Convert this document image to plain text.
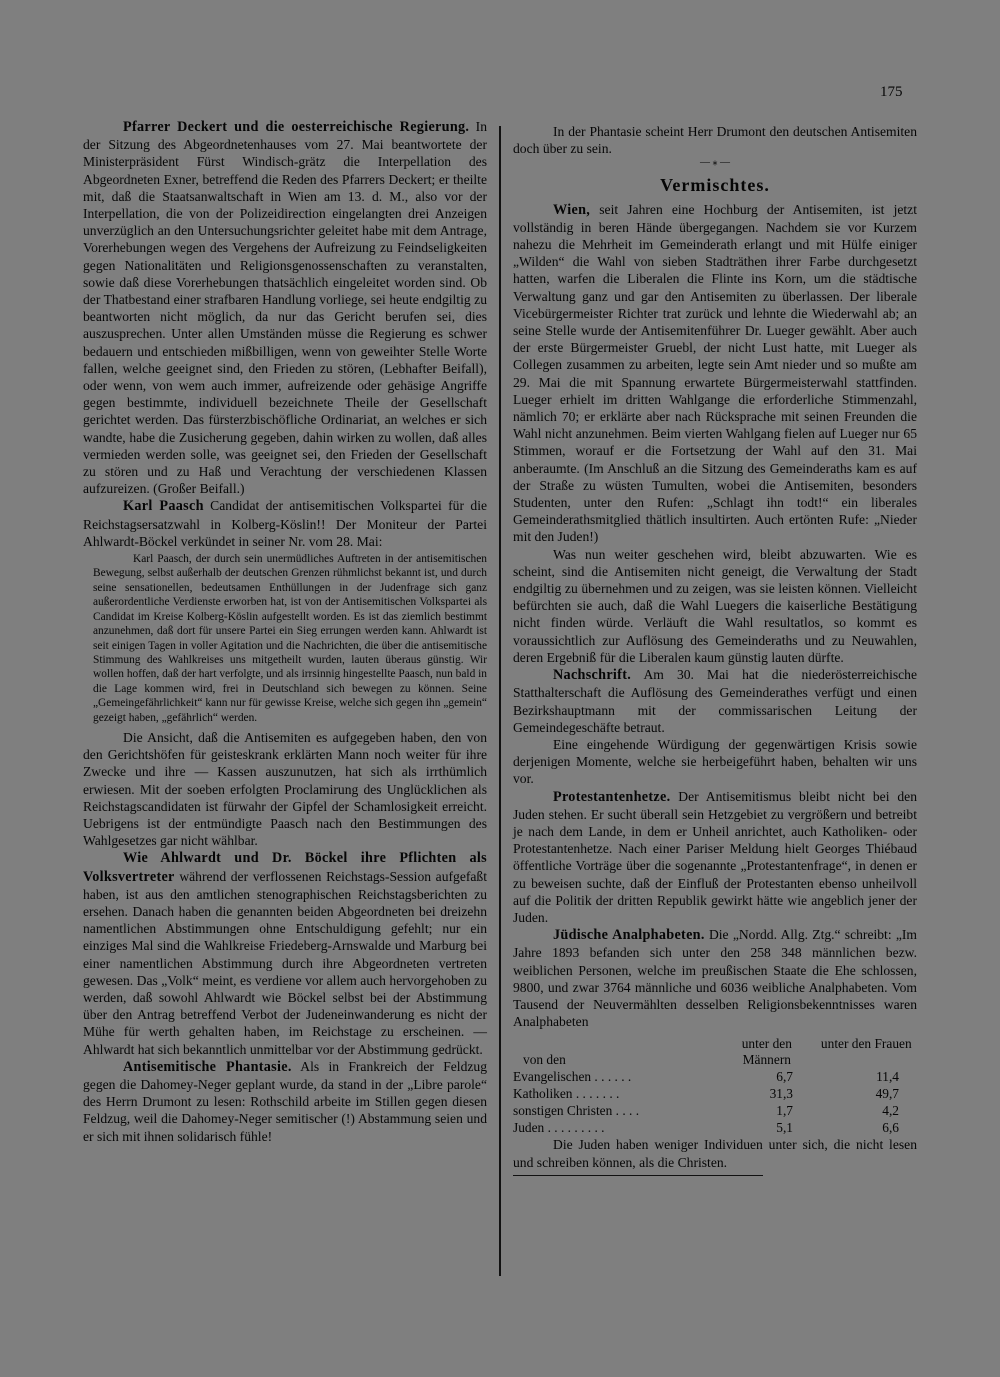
175

Pfarrer Deckert und die oesterreichische Regierung. In der Sitzung des Abgeordnetenhauses vom 27. Mai beantwortete der Ministerpräsident Fürst Windisch-grätz die Interpellation des Abgeordneten Exner, betreffend die Reden des Pfarrers Deckert; er theilte mit, daß die Staatsanwaltschaft in Wien am 13. d. M., also vor der Interpellation, die von der Polizeidirection eingelangten drei Anzeigen unverzüglich an den Untersuchungsrichter geleitet habe mit dem Antrage, Vorerhebungen wegen des Vergehens der Aufreizung zu Feindseligkeiten gegen Nationalitäten und Religionsgenossenschaften zu veranstalten, sowie daß diese Vorerhebungen thatsächlich eingeleitet worden sind. Ob der Thatbestand einer strafbaren Handlung vorliege, sei heute endgiltig zu beantworten nicht möglich, da nur das Gericht berufen sei, dies auszusprechen. Unter allen Umständen müsse die Regierung es schwer bedauern und entschieden mißbilligen, wenn von geweihter Stelle Worte fallen, welche geeignet sind, den Frieden zu stören, (Lebhafter Beifall), oder wenn, von wem auch immer, aufreizende oder gehäsige Angriffe gegen bestimmte, individuell bezeichnete Theile der Gesellschaft gerichtet werden. Das fürsterzbischöfliche Ordinariat, an welches er sich wandte, habe die Zusicherung gegeben, dahin wirken zu wollen, daß alles vermieden werden solle, was geeignet sei, den Frieden der Gesellschaft zu stören und zu Haß und Verachtung der verschiedenen Klassen aufzureizen. (Großer Beifall.)

Karl Paasch Candidat der antisemitischen Volkspartei für die Reichstagsersatzwahl in Kolberg-Köslin!! Der Moniteur der Partei Ahlwardt-Böckel verkündet in seiner Nr. vom 28. Mai:

Karl Paasch, der durch sein unermüdliches Auftreten in der antisemitischen Bewegung, selbst außerhalb der deutschen Grenzen rühmlichst bekannt ist, und durch seine sensationellen, bedeutsamen Enthüllungen in der Judenfrage sich ganz außerordentliche Verdienste erworben hat, ist von der Antisemitischen Volkspartei als Candidat im Kreise Kolberg-Köslin aufgestellt worden. Es ist das ziemlich bestimmt anzunehmen, daß dort für unsere Partei ein Sieg errungen werden kann. Ahlwardt ist seit einigen Tagen in voller Agitation und die Nachrichten, die über die antisemitische Stimmung des Wahlkreises uns mitgetheilt wurden, lauten überaus günstig. Wir wollen hoffen, daß der hart verfolgte, und als irrsinnig hingestellte Paasch, nun bald in die Lage kommen wird, frei in Deutschland sich bewegen zu können. Seine „Gemeingefährlichkeit“ kann nur für gewisse Kreise, welche sich gegen ihn „gemein“ gezeigt haben, „gefährlich“ werden.

Die Ansicht, daß die Antisemiten es aufgegeben haben, den von den Gerichtshöfen für geisteskrank erklärten Mann noch weiter für ihre Zwecke und ihre — Kassen auszunutzen, hat sich als irrthümlich erwiesen. Mit der soeben erfolgten Proclamirung des Unglücklichen als Reichstagscandidaten ist fürwahr der Gipfel der Schamlosigkeit erreicht. Uebrigens ist der entmündigte Paasch nach den Bestimmungen des Wahlgesetzes gar nicht wählbar.

Wie Ahlwardt und Dr. Böckel ihre Pflichten als Volksvertreter während der verflossenen Reichstags-Session aufgefaßt haben, ist aus den amtlichen stenographischen Reichstagsberichten zu ersehen. Danach haben die genannten beiden Abgeordneten bei dreizehn namentlichen Abstimmungen ohne Entschuldigung gefehlt; nur ein einziges Mal sind die Wahlkreise Friedeberg-Arnswalde und Marburg bei einer namentlichen Abstimmung durch ihre Abgeordneten vertreten gewesen. Das „Volk“ meint, es verdiene vor allem auch hervorgehoben zu werden, daß sowohl Ahlwardt wie Böckel selbst bei der Abstimmung über den Antrag betreffend Verbot der Judeneinwanderung es nicht der Mühe für werth gehalten haben, im Reichstage zu erscheinen. — Ahlwardt hat sich bekanntlich unmittelbar vor der Abstimmung gedrückt.

Antisemitische Phantasie. Als in Frankreich der Feldzug gegen die Dahomey-Neger geplant wurde, da stand in der „Libre parole“ des Herrn Drumont zu lesen: Rothschild arbeite im Stillen gegen diesen Feldzug, weil die Dahomey-Neger semitischer (!) Abstammung seien und er sich mit ihnen solidarisch fühle!

In der Phantasie scheint Herr Drumont den deutschen Antisemiten doch über zu sein.

— ⁎ —
Vermischtes.

Wien, seit Jahren eine Hochburg der Antisemiten, ist jetzt vollständig in beren Hände übergegangen. Nachdem sie vor Kurzem nahezu die Mehrheit im Gemeinderath erlangt und mit Hülfe einiger „Wilden“ die Wahl von sieben Stadträthen ihrer Farbe durchgesetzt hatten, warfen die Liberalen die Flinte ins Korn, um die städtische Verwaltung ganz und gar den Antisemiten zu überlassen. Der liberale Vicebürgermeister Richter trat zurück und lehnte die Wiederwahl ab; an seine Stelle wurde der Antisemitenführer Dr. Lueger gewählt. Aber auch der erste Bürgermeister Gruebl, der nicht Lust hatte, mit Lueger als Collegen zusammen zu arbeiten, legte sein Amt nieder und so mußte am 29. Mai die mit Spannung erwartete Bürgermeisterwahl stattfinden. Lueger erhielt im dritten Wahlgange die erforderliche Stimmenzahl, nämlich 70; er erklärte aber nach Rücksprache mit seinen Freunden die Wahl nicht anzunehmen. Beim vierten Wahlgang fielen auf Lueger nur 65 Stimmen, worauf er die Fortsetzung der Wahl auf den 31. Mai anberaumte. (Im Anschluß an die Sitzung des Gemeinderaths kam es auf der Straße zu wüsten Tumulten, wobei die Antisemiten, besonders Studenten, unter den Rufen: „Schlagt ihn todt!“ ein liberales Gemeinderathsmitglied thätlich insultirten. Auch ertönten Rufe: „Nieder mit den Juden!)

Was nun weiter geschehen wird, bleibt abzuwarten. Wie es scheint, sind die Antisemiten nicht geneigt, die Verwaltung der Stadt endgiltig zu übernehmen und zu zeigen, was sie leisten können. Vielleicht befürchten sie auch, daß die Wahl Luegers die kaiserliche Bestätigung nicht finden würde. Verläuft die Wahl resultatlos, so kommt es voraussichtlich zur Auflösung des Gemeinderaths und zu Neuwahlen, deren Ergebniß für die Liberalen kaum günstig lauten dürfte.

Nachschrift. Am 30. Mai hat die niederösterreichische Statthalterschaft die Auflösung des Gemeinderathes verfügt und einen Bezirkshauptmann mit der commissarischen Leitung der Gemeindegeschäfte betraut.

Eine eingehende Würdigung der gegenwärtigen Krisis sowie derjenigen Momente, welche sie herbeigeführt haben, behalten wir uns vor.

Protestantenhetze. Der Antisemitismus bleibt nicht bei den Juden stehen. Er sucht überall sein Hetzgebiet zu vergrößern und betreibt je nach dem Lande, in dem er Unheil anrichtet, auch Katholiken- oder Protestantenhetze. Nach einer Pariser Meldung hielt Georges Thiébaud öffentliche Vorträge über die sogenannte „Protestantenfrage“, in denen er zu beweisen suchte, daß der Einfluß der Protestanten ebenso unheilvoll auf die Politik der dritten Republik gewirkt hätte wie angeblich jener der Juden.

Jüdische Analphabeten. Die „Nordd. Allg. Ztg.“ schreibt: „Im Jahre 1893 befanden sich unter den 258 348 männlichen bezw. weiblichen Personen, welche im preußischen Staate die Ehe schlossen, 9800, und zwar 3764 männliche und 6036 weibliche Analphabeten. Vom Tausend der Neuvermählten desselben Religionsbekenntnisses waren Analphabeten

von den
unter den Männern
unter den Frauen
Evangelischen . . . . . .	6,7	11,4
Katholiken . . . . . . .	31,3	49,7
sonstigen Christen . . . .	1,7	4,2
Juden . . . . . . . . .	5,1	6,6

Die Juden haben weniger Individuen unter sich, die nicht lesen und schreiben können, als die Christen.
